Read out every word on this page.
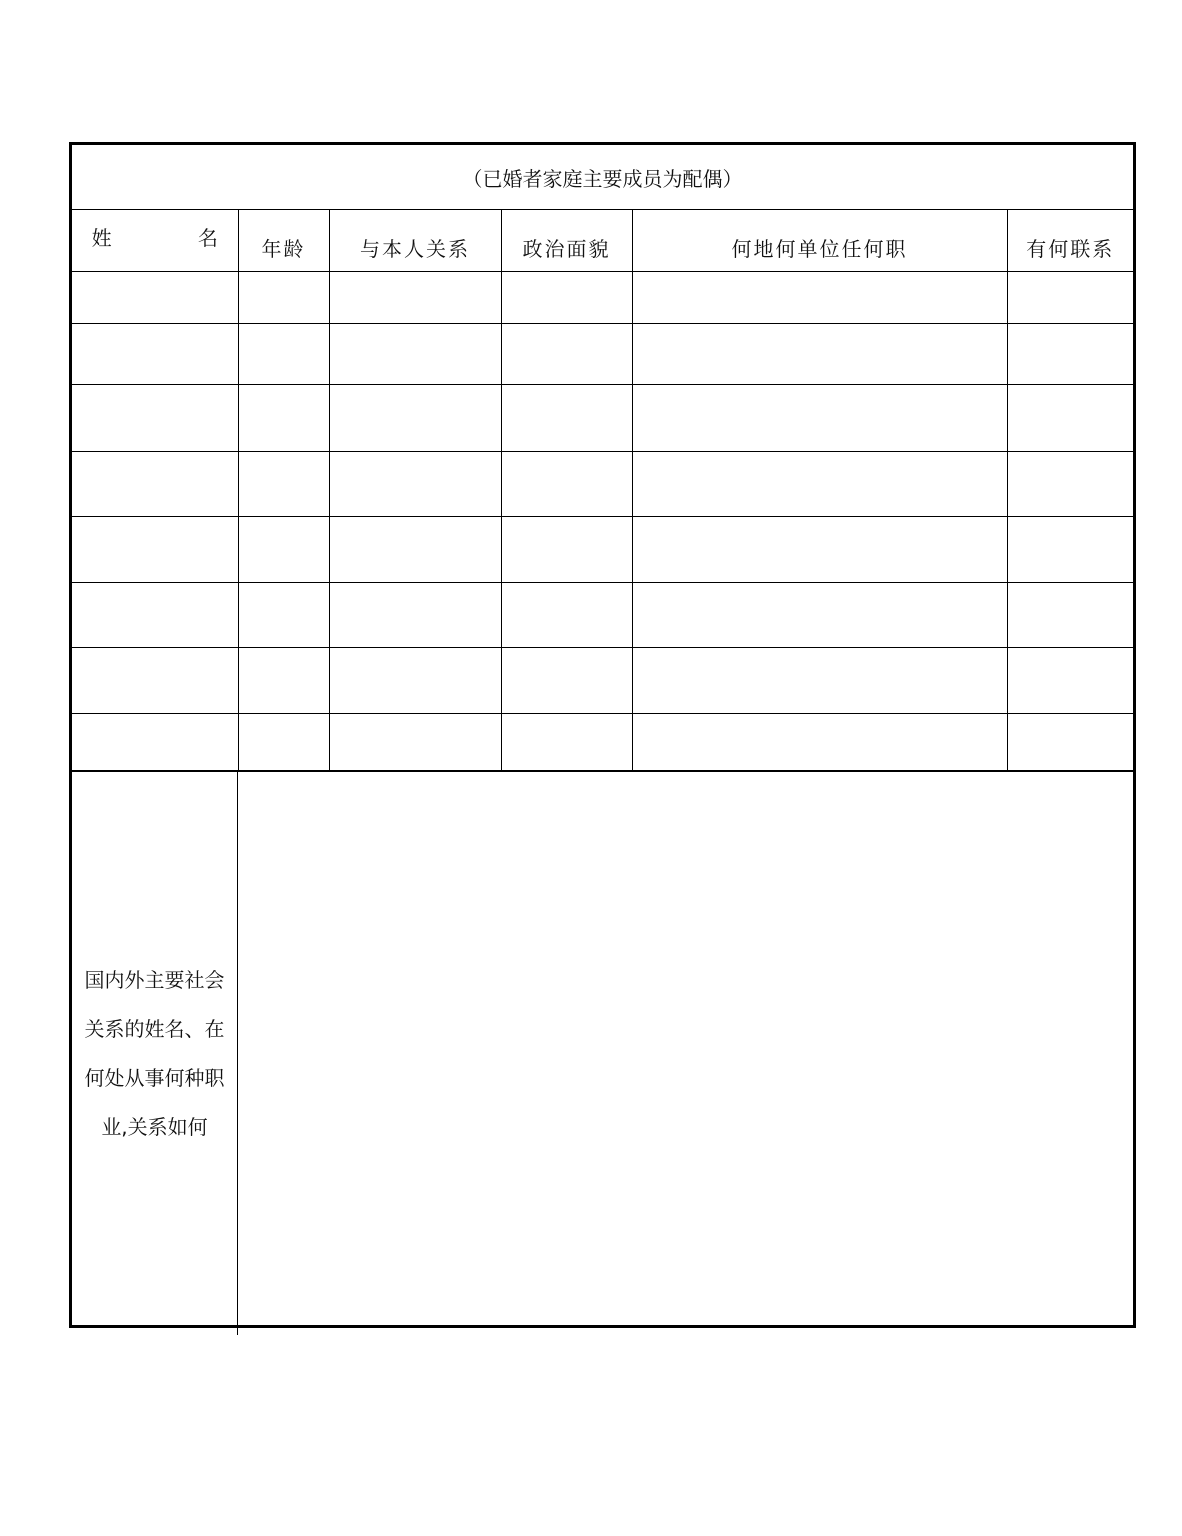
（已婚者家庭主要成员为配偶）					
姓 名	年龄	与本人关系	政治面貌	何地何单位任何职	有何联系

国内外主要社会关系的姓名、在何处从事何种职业,关系如何
